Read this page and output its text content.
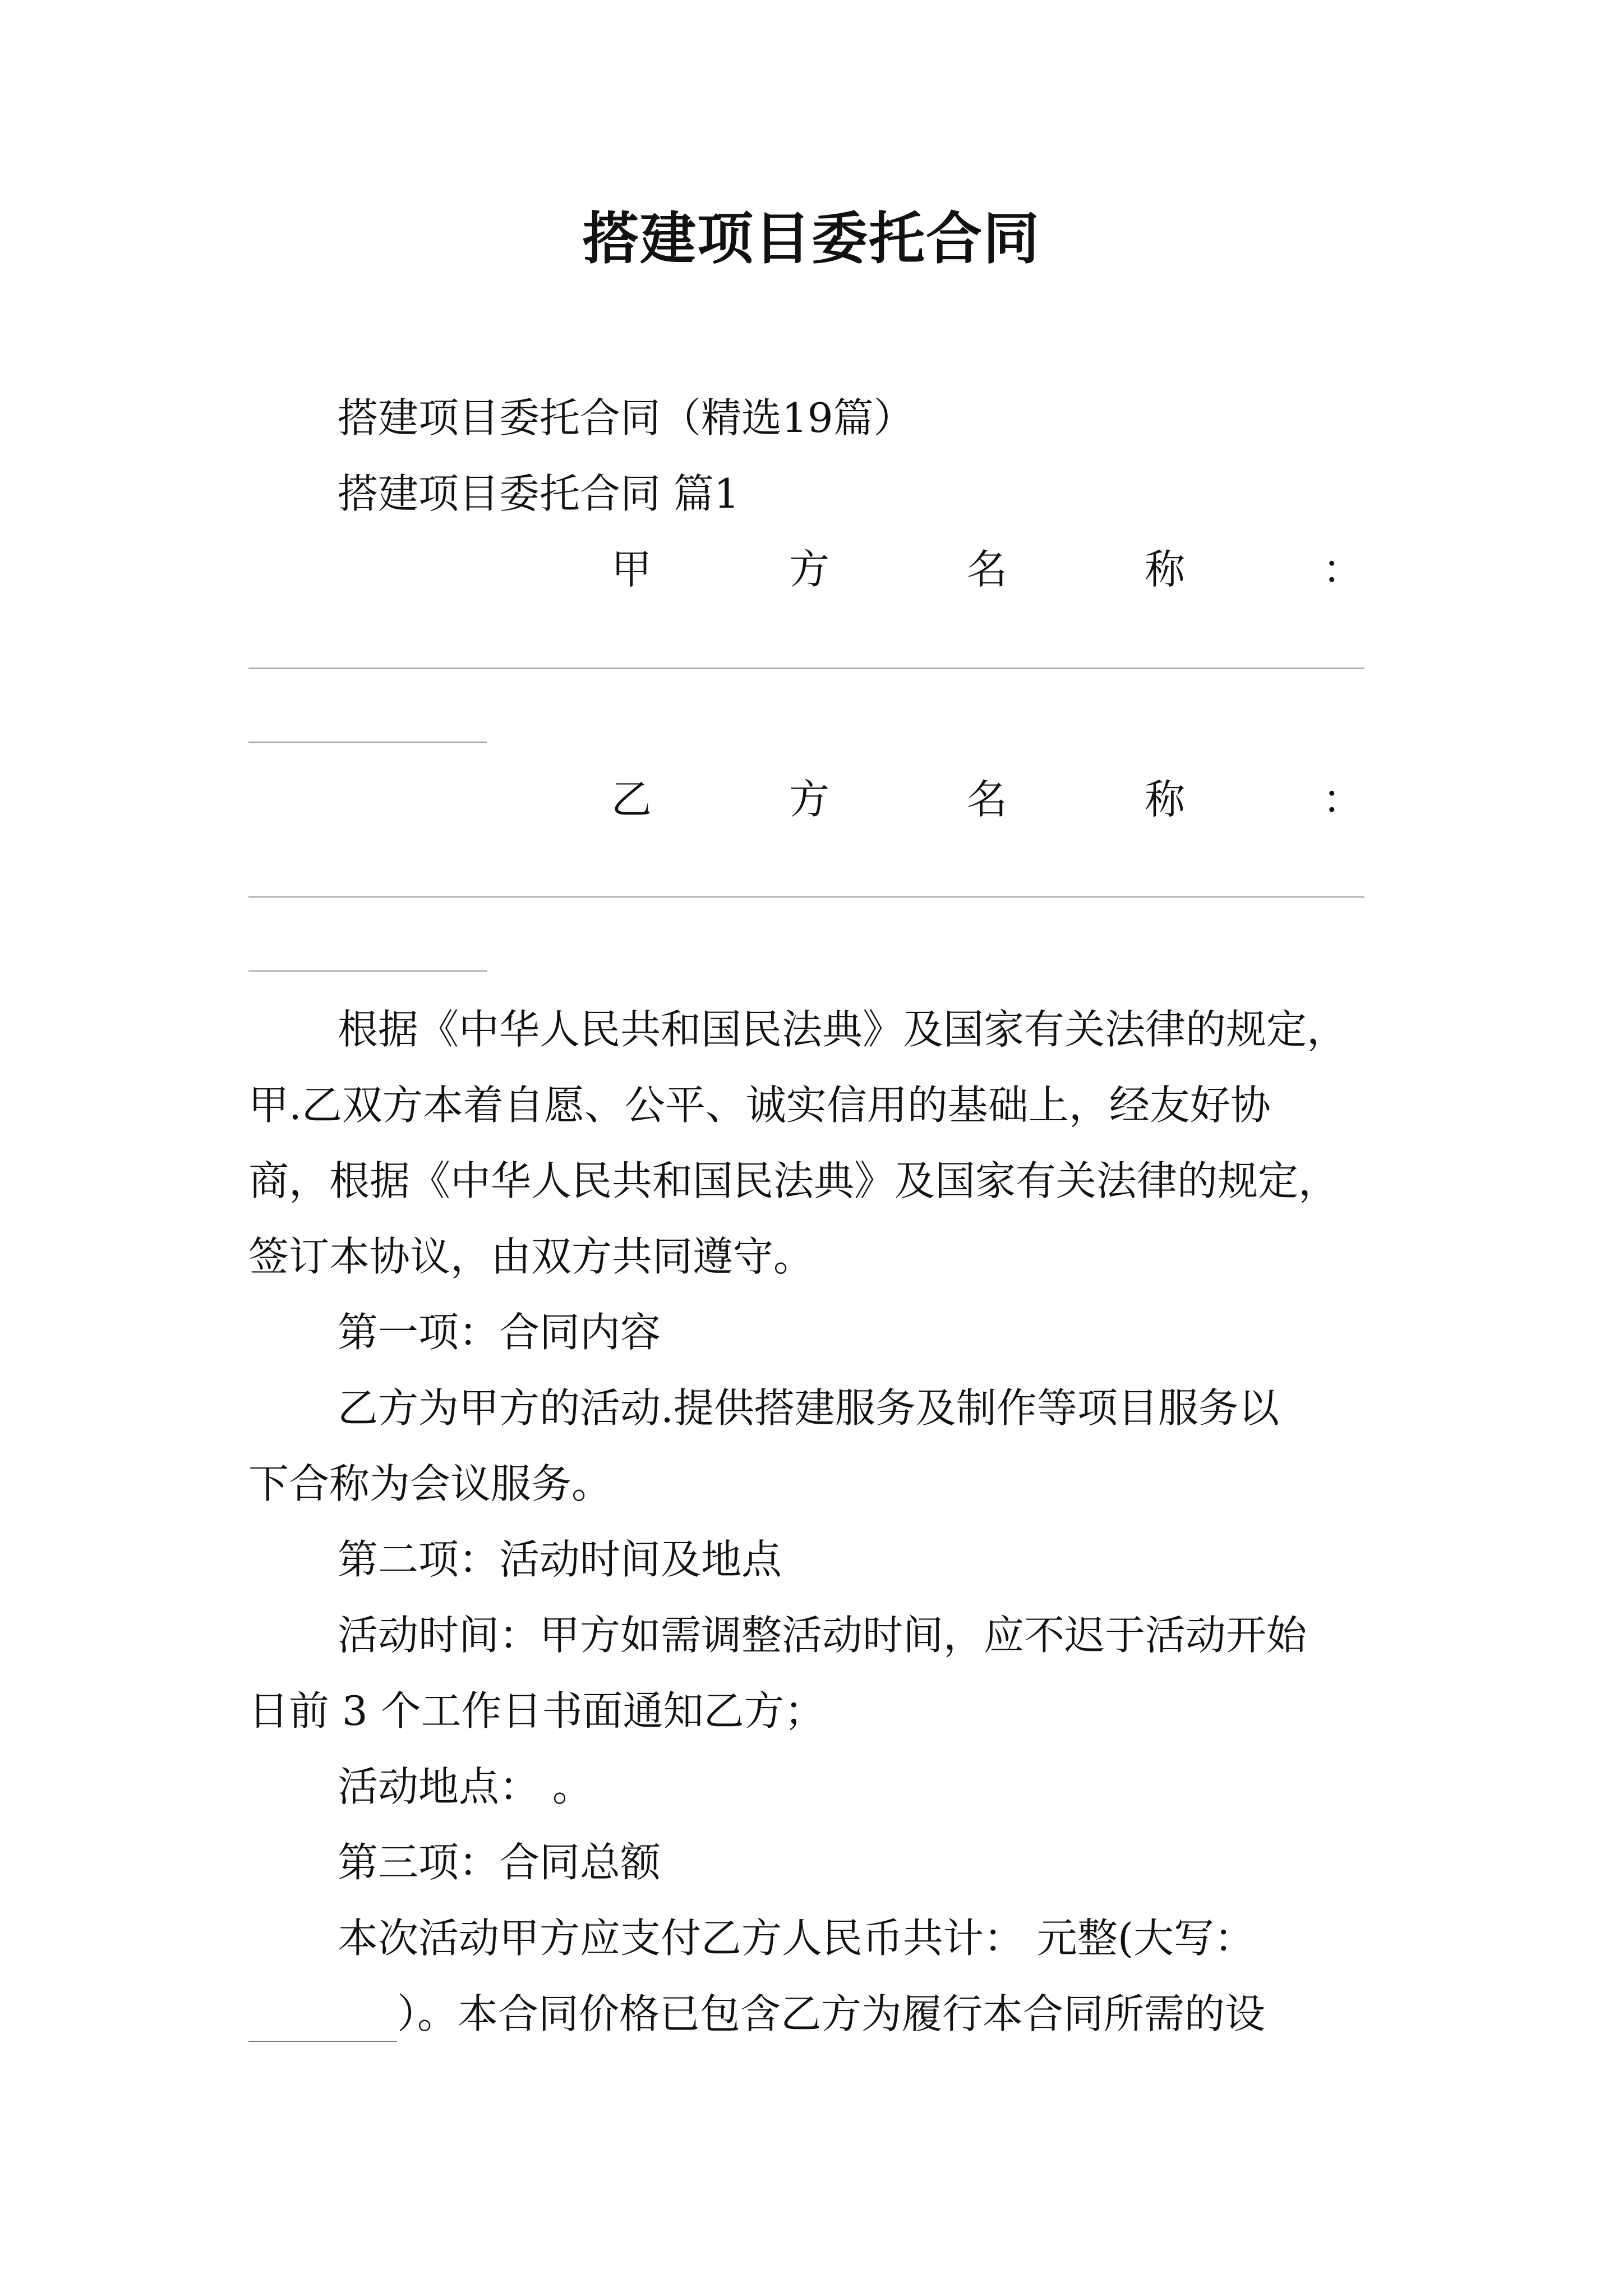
搭建项目委托合同
搭建项目委托合同（精选19篇）
搭建项目委托合同 篇1
甲	方	名	称	：
乙	方	名	称	：
根据《中华人民共和国民法典》及国家有关法律的规定，
甲.乙双方本着自愿、公平、诚实信用的基础上，经友好协
商，根据《中华人民共和国民法典》及国家有关法律的规定，
签订本协议，由双方共同遵守。
第一项：合同内容
乙方为甲方的活动.提供搭建服务及制作等项目服务以
下合称为会议服务。
第二项：活动时间及地点
活动时间：甲方如需调整活动时间，应不迟于活动开始
日前 3 个工作日书面通知乙方；
活动地点： 。
第三项：合同总额
本次活动甲方应支付乙方人民币共计： 元整(大写：
）。本合同价格已包含乙方为履行本合同所需的设
